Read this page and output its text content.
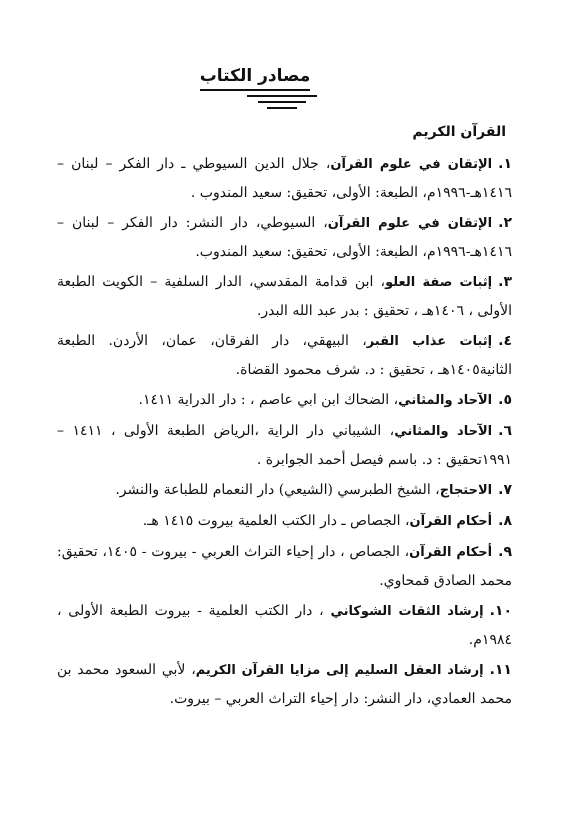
مصادر الكتاب
القرآن الكريم

١.الإتقان في علوم القرآن، جلال الدين السيوطي ـ دار الفكر – لبنان – ١٤١٦هـ-١٩٩٦م، الطبعة: الأولى، تحقيق: سعيد المندوب .

٢.الإتقان في علوم القرآن، السيوطي، دار النشر: دار الفكر – لبنان – ١٤١٦هـ-١٩٩٦م، الطبعة: الأولى، تحقيق: سعيد المندوب.

٣.إثبات صفة العلو، ابن قدامة المقدسي، الدار السلفية – الكويت الطبعة الأولى ، ١٤٠٦هـ ، تحقيق : بدر عبد الله البدر.

٤.إثبات عذاب القبر، البيهقي، دار الفرقان، عمان، الأردن. الطبعة الثانية١٤٠٥هـ ، تحقيق : د. شرف محمود القضاة.

٥.الآحاد والمثاني، الضحاك ابن ابي عاصم ، : دار الدراية ١٤١١.

٦.الآحاد والمثاني، الشيباني دار الراية ،الرياض الطبعة الأولى ، ١٤١١ – ١٩٩١تحقيق : د. باسم فيصل أحمد الجوابرة .

٧.الاحتجاج، الشيخ الطبرسي (الشيعي) دار النعمام للطباعة والنشر.

٨.أحكام القرآن، الجصاص ـ دار الكتب العلمية بيروت ١٤١٥ هـ.

٩.أحكام القرآن، الجصاص ، دار إحياء التراث العربي - بيروت - ١٤٠٥، تحقيق: محمد الصادق قمحاوي.

١٠.إرشاد الثقات الشوكاني ، دار الكتب العلمية - بيروت الطبعة الأولى ، ١٩٨٤م.

١١.إرشاد العقل السليم إلى مزايا القرآن الكريم، لأبي السعود محمد بن محمد العمادي، دار النشر: دار إحياء التراث العربي – بيروت.
